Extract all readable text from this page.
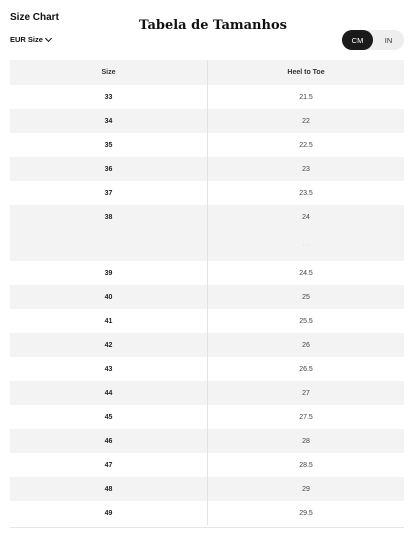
Size Chart
EUR Size
Tabela de Tamanhos
CM	IN
Size	Heel to Toe
33	21.5
34	22
35	22.5
36	23
37	23.5
38	24
· ·
39	24.5
40	25
41	25.5
42	26
43	26.5
44	27
45	27.5
46	28
47	28.5
48	29
49	29.5
